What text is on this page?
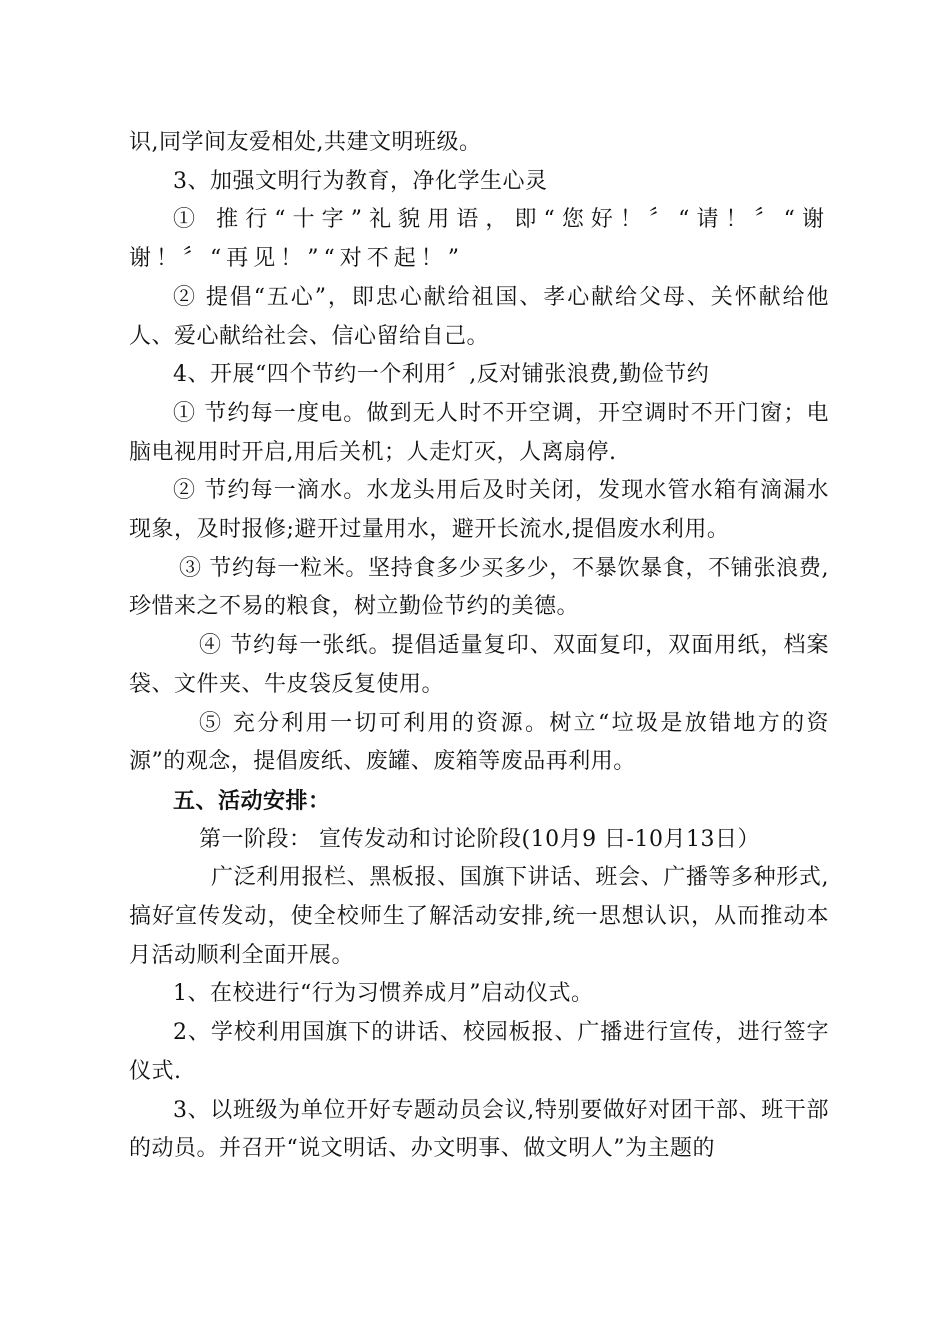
识,同学间友爱相处,共建文明班级。

3、加强文明行为教育，净化学生心灵

① 推行“十字”礼貌用语，即“您好！〞“请！〞“谢谢！〞“再见！”“对不起！”

② 提倡“五心”，即忠心献给祖国、孝心献给父母、关怀献给他人、爱心献给社会、信心留给自己。

4、开展“四个节约一个利用〞,反对铺张浪费,勤俭节约

① 节约每一度电。做到无人时不开空调，开空调时不开门窗；电脑电视用时开启,用后关机；人走灯灭，人离扇停.

② 节约每一滴水。水龙头用后及时关闭，发现水管水箱有滴漏水现象，及时报修;避开过量用水，避开长流水,提倡废水利用。

③ 节约每一粒米。坚持食多少买多少，不暴饮暴食，不铺张浪费,珍惜来之不易的粮食，树立勤俭节约的美德。

④ 节约每一张纸。提倡适量复印、双面复印，双面用纸，档案袋、文件夹、牛皮袋反复使用。

⑤ 充分利用一切可利用的资源。树立“垃圾是放错地方的资源”的观念，提倡废纸、废罐、废箱等废品再利用。

五、活动安排：

第一阶段： 宣传发动和讨论阶段(10月9 日-10月13日）

广泛利用报栏、黑板报、国旗下讲话、班会、广播等多种形式,搞好宣传发动，使全校师生了解活动安排,统一思想认识，从而推动本月活动顺利全面开展。

1、在校进行“行为习惯养成月”启动仪式。

2、学校利用国旗下的讲话、校园板报、广播进行宣传，进行签字仪式.

3、以班级为单位开好专题动员会议,特别要做好对团干部、班干部的动员。并召开“说文明话、办文明事、做文明人”为主题的
